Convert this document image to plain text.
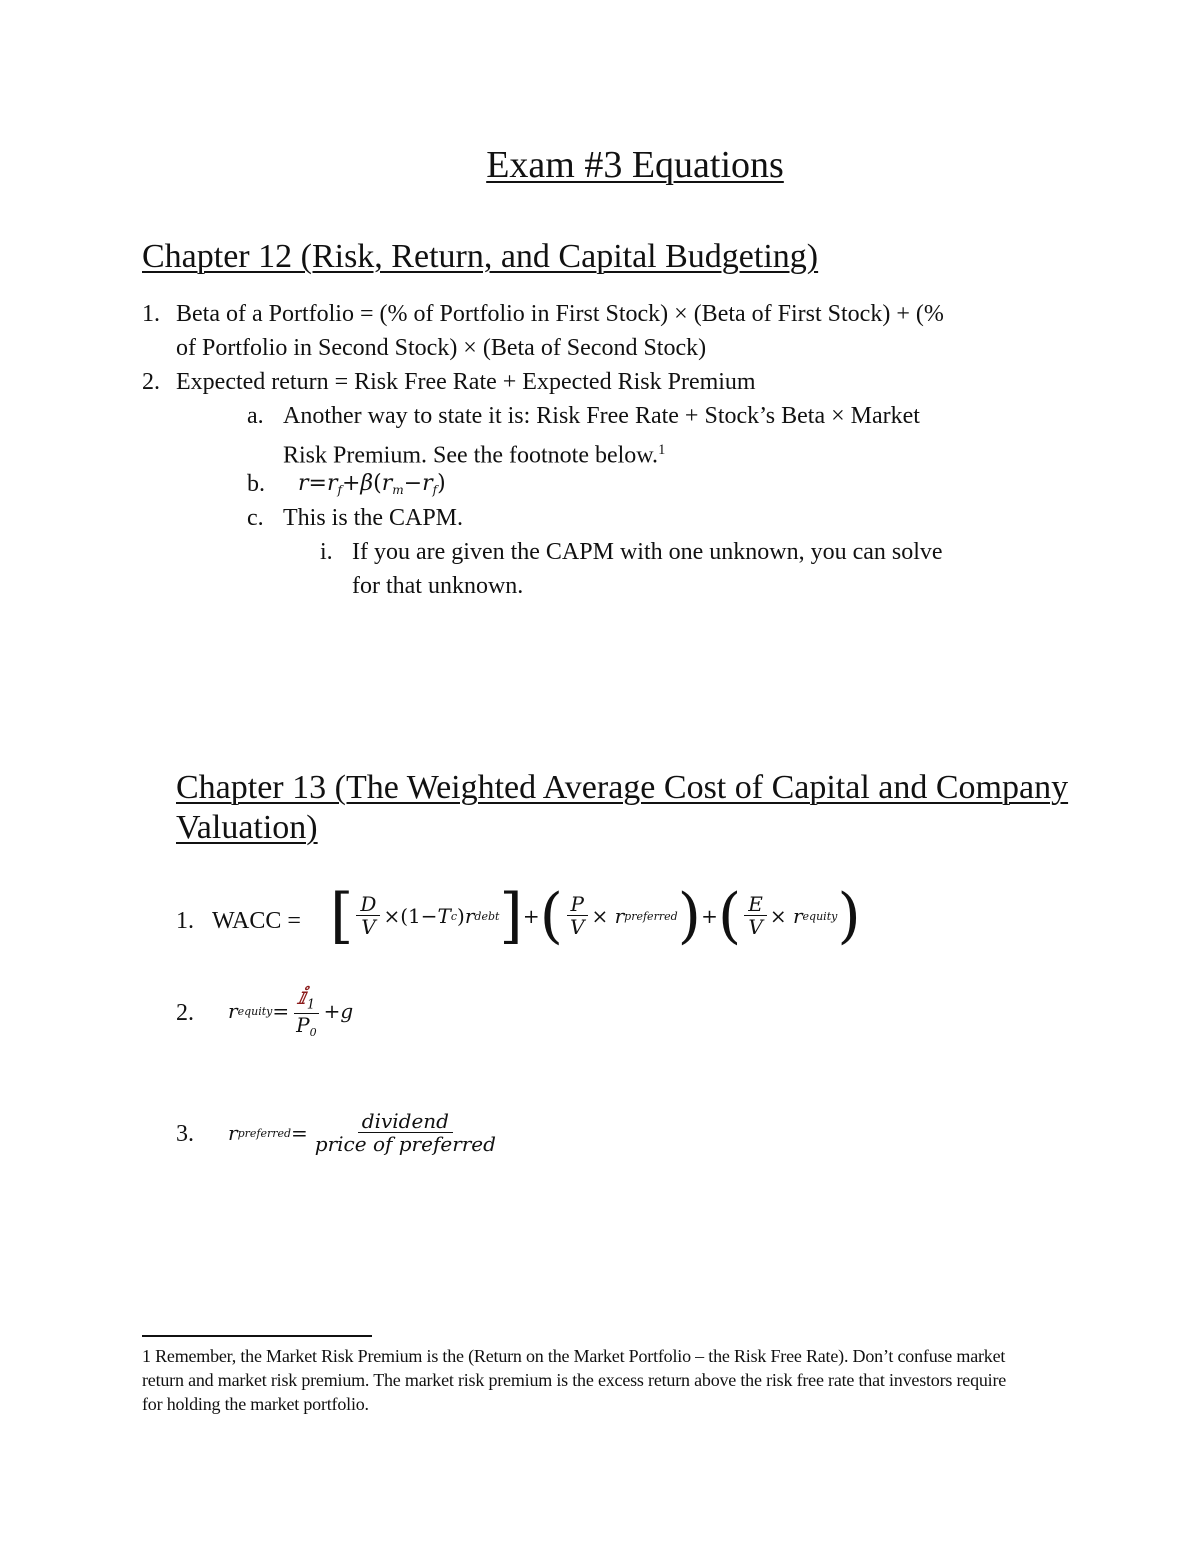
Exam #3 Equations
Chapter 12 (Risk, Return, and Capital Budgeting)
1. Beta of a Portfolio = (% of Portfolio in First Stock) × (Beta of First Stock) + (%
of Portfolio in Second Stock) × (Beta of Second Stock)
2. Expected return = Risk Free Rate + Expected Risk Premium
a. Another way to state it is: Risk Free Rate + Stock’s Beta × Market
Risk Premium. See the footnote below.$^1$
b. $r=r_f+\beta(r_m-r_f)$
c. This is the CAPM.
i. If you are given the CAPM with one unknown, you can solve
for that unknown.
Chapter 13 (The Weighted Average Cost of Capital and Company
Valuation)
1. WACC = [ $\frac{D}{V} \times(1- T$ c ) r debt ] + ( $\frac{P}{V} \times r$ preferred ) + ( $\frac{E}{V} \times r$ equity )
2. r equity = $\frac{ⅈ_1}{P_0} + g$
3. r preferred = $\frac{\text{dividend}}{\text{price of preferred}}$
1 Remember, the Market Risk Premium is the (Return on the Market Portfolio – the Risk Free Rate). Don’t confuse market
return and market risk premium. The market risk premium is the excess return above the risk free rate that investors require
for holding the market portfolio.
